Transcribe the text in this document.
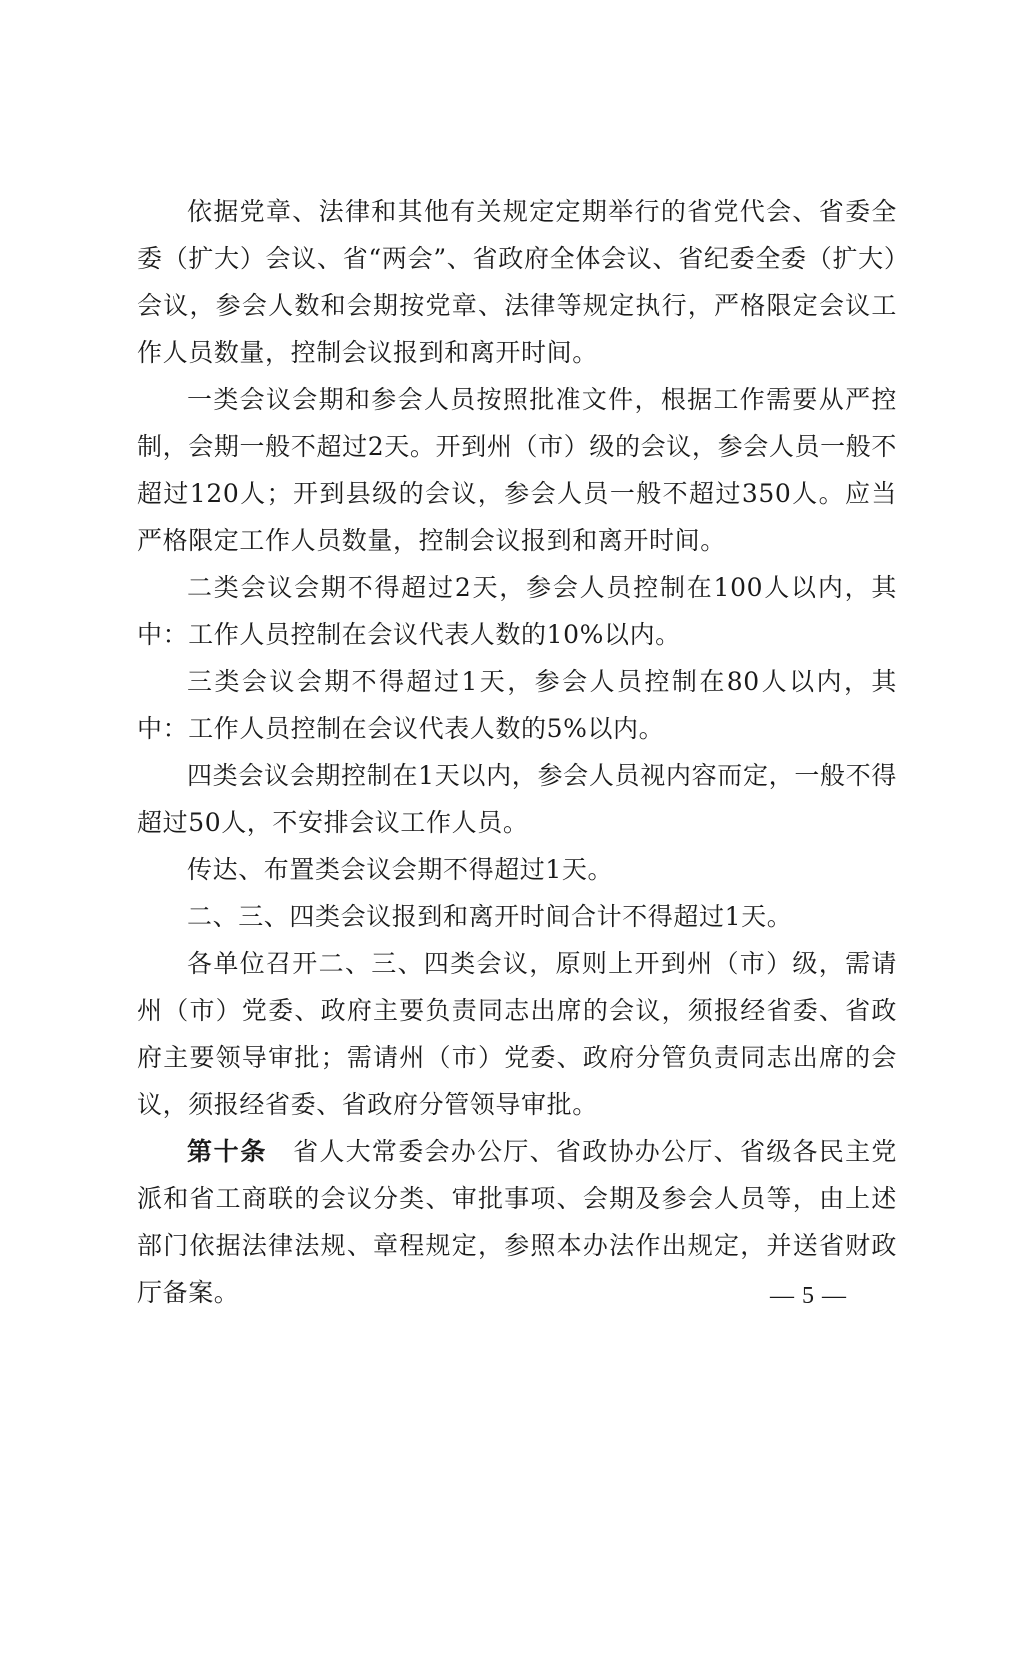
依据党章、法律和其他有关规定定期举行的省党代会、省委全委（扩大）会议、省“两会”、省政府全体会议、省纪委全委（扩大）会议，参会人数和会期按党章、法律等规定执行，严格限定会议工作人员数量，控制会议报到和离开时间。

一类会议会期和参会人员按照批准文件，根据工作需要从严控制，会期一般不超过2天。开到州（市）级的会议，参会人员一般不超过120人；开到县级的会议，参会人员一般不超过350人。应当严格限定工作人员数量，控制会议报到和离开时间。

二类会议会期不得超过2天，参会人员控制在100人以内，其中：工作人员控制在会议代表人数的10%以内。

三类会议会期不得超过1天，参会人员控制在80人以内，其中：工作人员控制在会议代表人数的5%以内。

四类会议会期控制在1天以内，参会人员视内容而定，一般不得超过50人，不安排会议工作人员。

传达、布置类会议会期不得超过1天。

二、三、四类会议报到和离开时间合计不得超过1天。

各单位召开二、三、四类会议，原则上开到州（市）级，需请州（市）党委、政府主要负责同志出席的会议，须报经省委、省政府主要领导审批；需请州（市）党委、政府分管负责同志出席的会议，须报经省委、省政府分管领导审批。

第十条 省人大常委会办公厅、省政协办公厅、省级各民主党派和省工商联的会议分类、审批事项、会期及参会人员等，由上述部门依据法律法规、章程规定，参照本办法作出规定，并送省财政厅备案。	— 5 —
